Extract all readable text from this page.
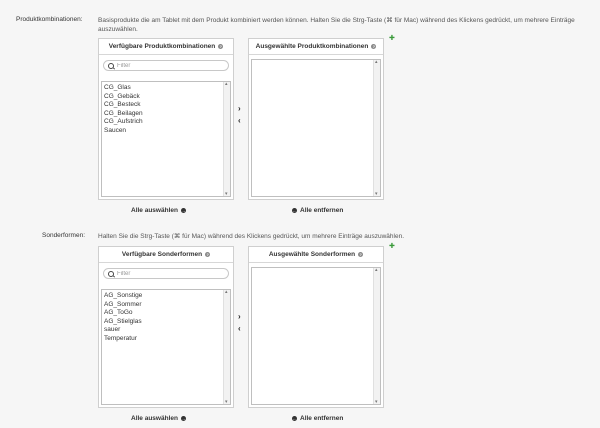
Produktkombinationen: Basisprodukte die am Tablet mit dem Produkt kombiniert werden können. Halten Sie die Strg-Taste (⌘ für Mac) während des Klickens gedrückt, um mehrere Einträge auszuwählen.
✚
Verfügbare Produktkombinationen	?
Filter
CG_Glas
CG_Gebäck
CG_Besteck
CG_Beilagen
CG_Aufstrich
Saucen
▴ ▾
›
‹
Ausgewählte Produktkombinationen	?
▴ ▾
Alle auswählen →	← Alle entfernen
Sonderformen: Halten Sie die Strg-Taste (⌘ für Mac) während des Klickens gedrückt, um mehrere Einträge auszuwählen.
✚
Verfügbare Sonderformen	?
Filter
AG_Sonstige
AG_Sommer
AG_ToGo
AG_Stielglas
sauer
Temperatur
▴ ▾
›
‹
Ausgewählte Sonderformen	?
▴ ▾
Alle auswählen →	← Alle entfernen
